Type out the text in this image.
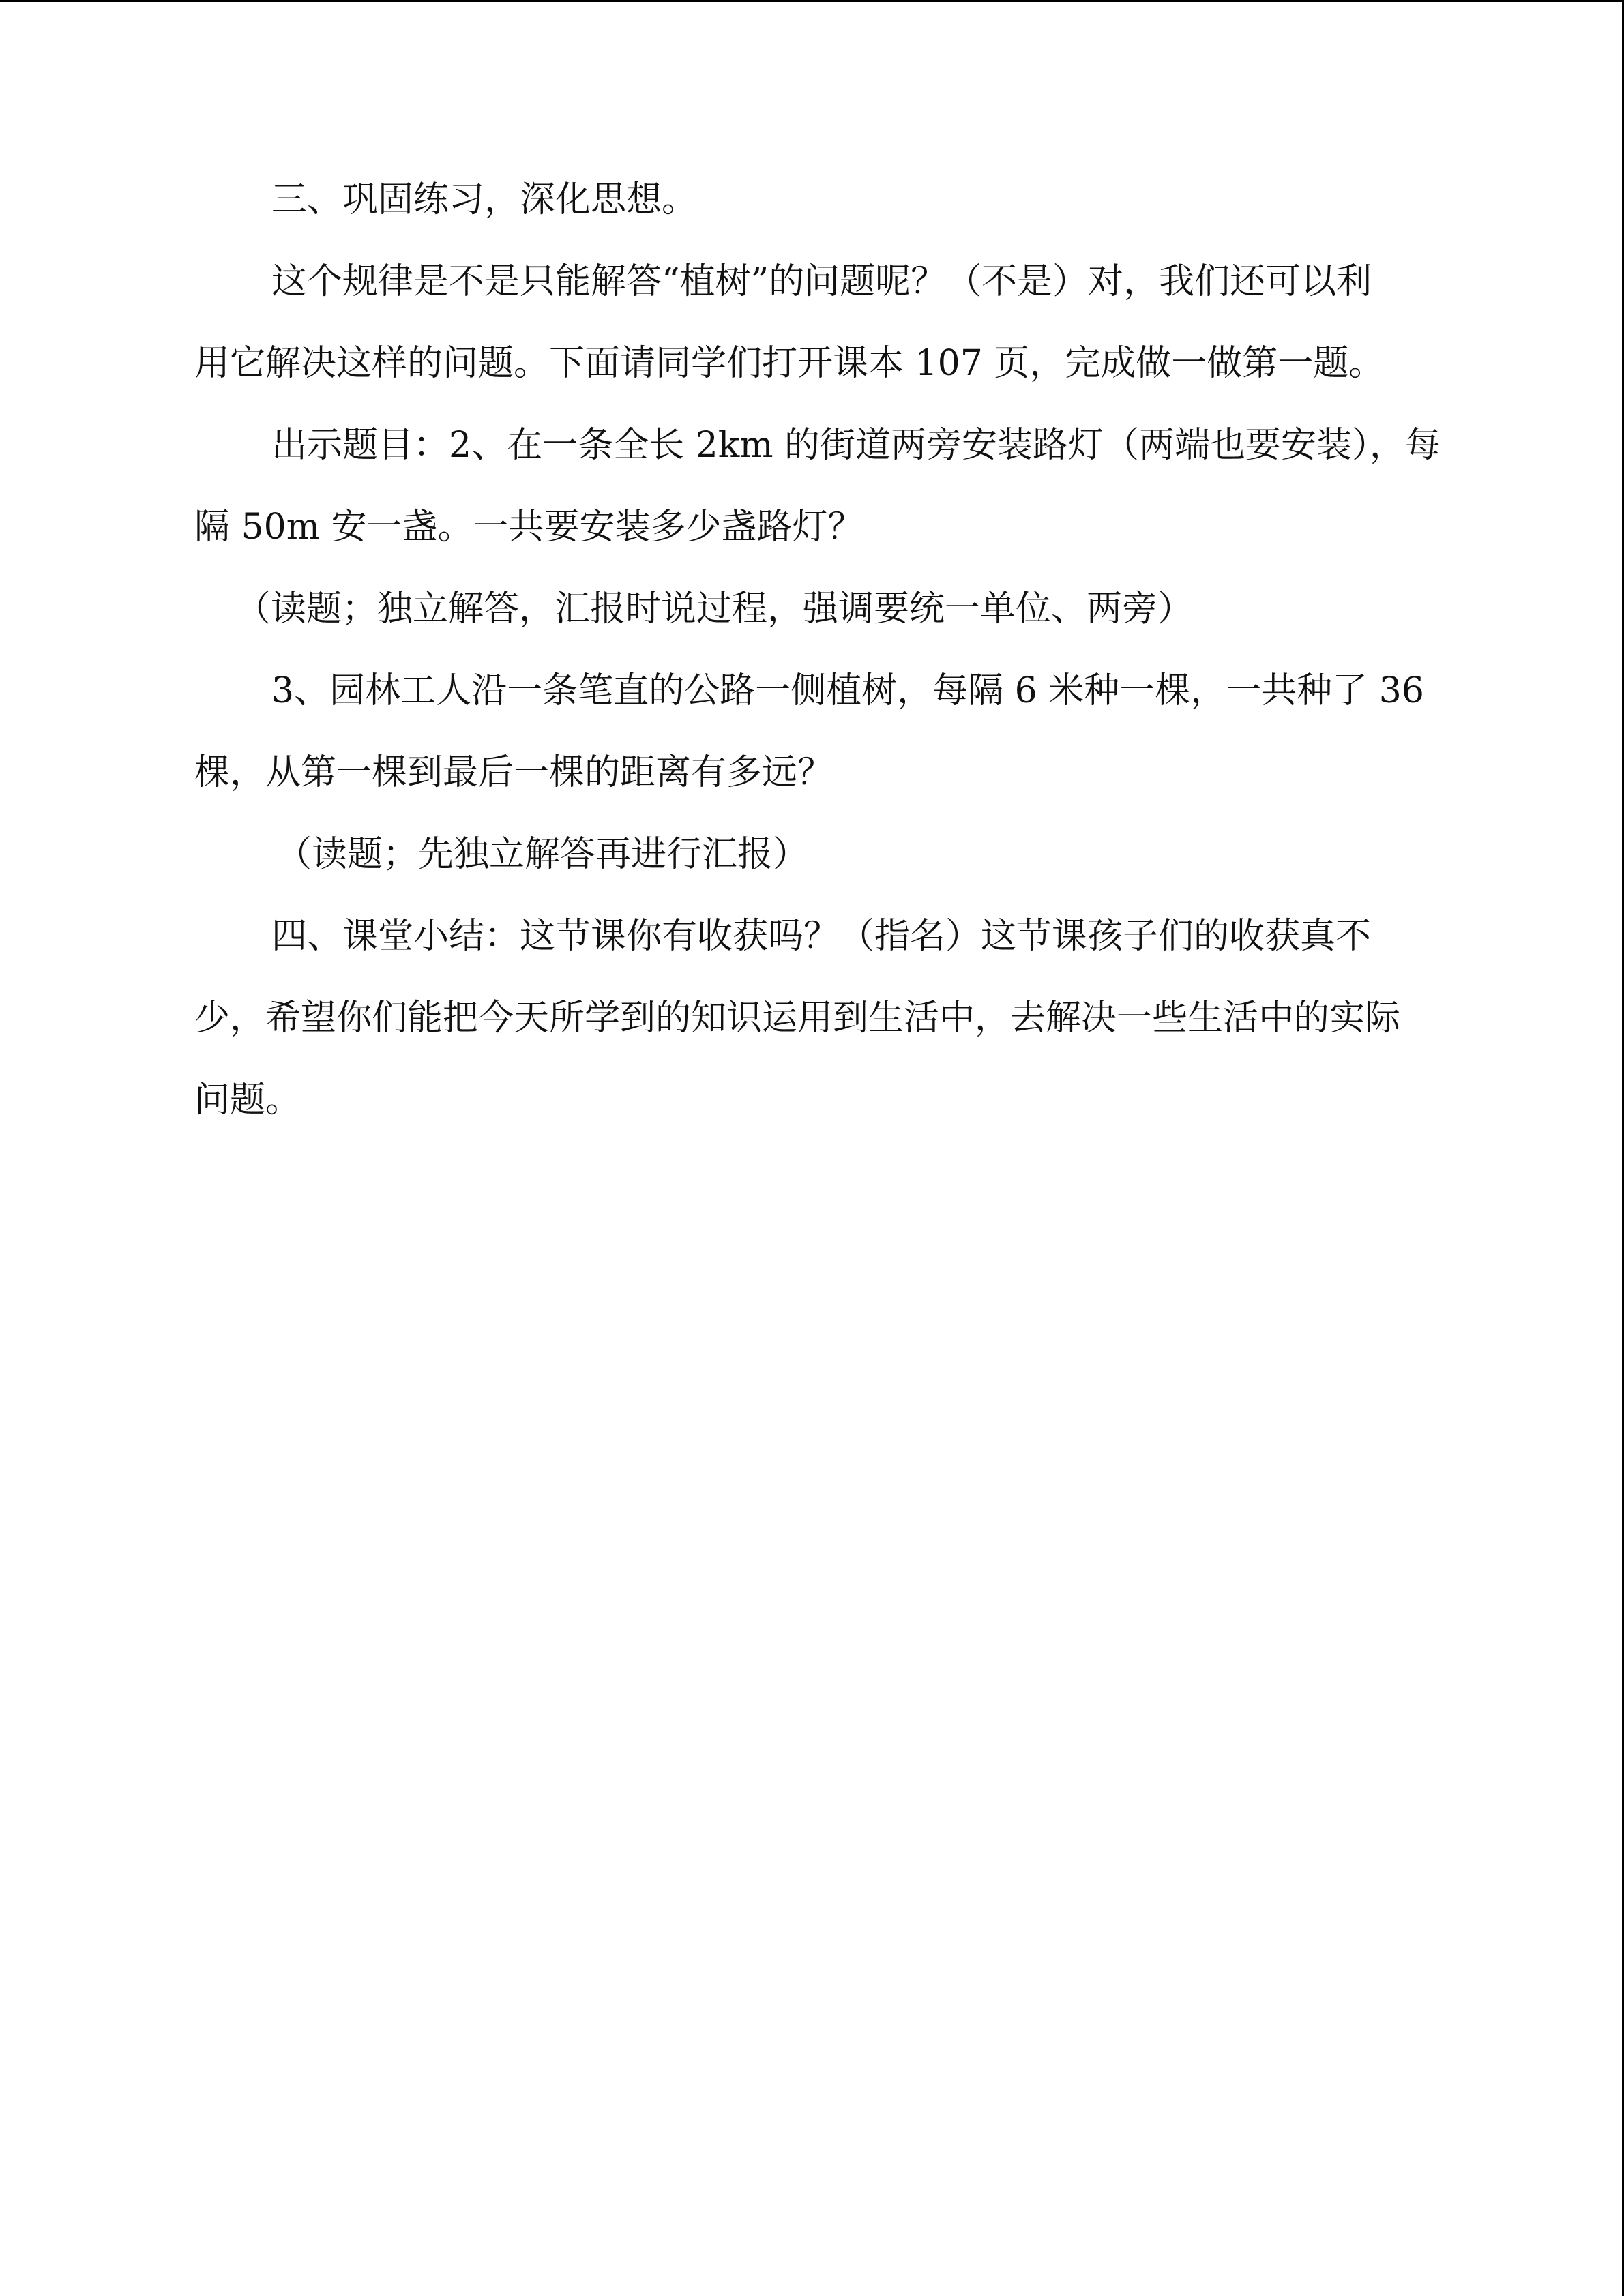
三、巩固练习，深化思想。

这个规律是不是只能解答“植树”的问题呢？（不是）对，我们还可以利

用它解决这样的问题。下面请同学们打开课本 107 页，完成做一做第一题。

出示题目：2、在一条全长 2km 的街道两旁安装路灯（两端也要安装），每

隔 50m 安一盏。一共要安装多少盏路灯？

（读题；独立解答，汇报时说过程，强调要统一单位、两旁）

3、园林工人沿一条笔直的公路一侧植树，每隔 6 米种一棵，一共种了 36

棵，从第一棵到最后一棵的距离有多远？

（读题；先独立解答再进行汇报）

四、课堂小结：这节课你有收获吗？（指名）这节课孩子们的收获真不

少，希望你们能把今天所学到的知识运用到生活中，去解决一些生活中的实际

问题。
